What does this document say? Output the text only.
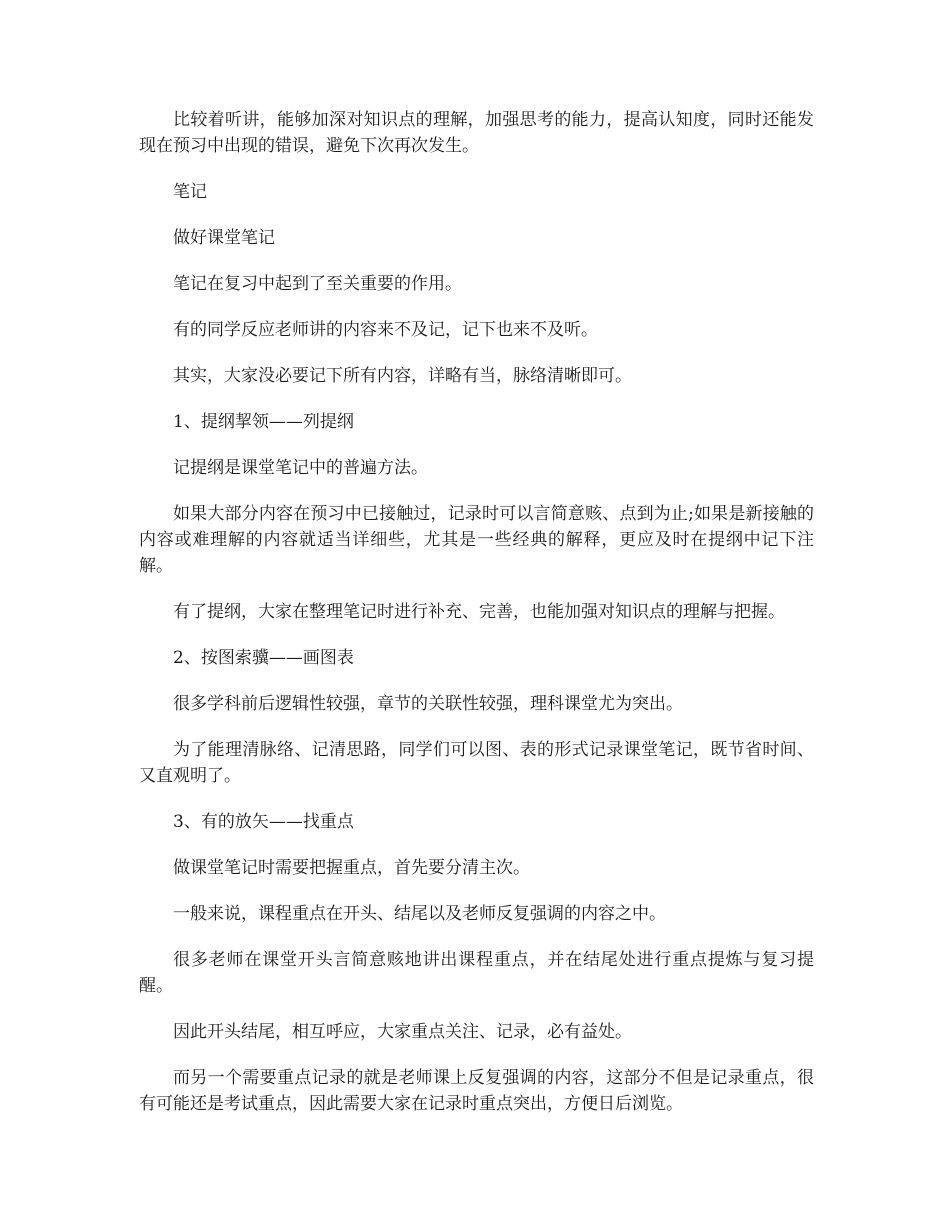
比较着听讲，能够加深对知识点的理解，加强思考的能力，提高认知度，同时还能发现在预习中出现的错误，避免下次再次发生。

笔记

做好课堂笔记

笔记在复习中起到了至关重要的作用。

有的同学反应老师讲的内容来不及记，记下也来不及听。

其实，大家没必要记下所有内容，详略有当，脉络清晰即可。

1、提纲挈领——列提纲

记提纲是课堂笔记中的普遍方法。

如果大部分内容在预习中已接触过，记录时可以言简意赅、点到为止;如果是新接触的内容或难理解的内容就适当详细些，尤其是一些经典的解释，更应及时在提纲中记下注解。

有了提纲，大家在整理笔记时进行补充、完善，也能加强对知识点的理解与把握。

2、按图索骥——画图表

很多学科前后逻辑性较强，章节的关联性较强，理科课堂尤为突出。

为了能理清脉络、记清思路，同学们可以图、表的形式记录课堂笔记，既节省时间、又直观明了。

3、有的放矢——找重点

做课堂笔记时需要把握重点，首先要分清主次。

一般来说，课程重点在开头、结尾以及老师反复强调的内容之中。

很多老师在课堂开头言简意赅地讲出课程重点，并在结尾处进行重点提炼与复习提醒。

因此开头结尾，相互呼应，大家重点关注、记录，必有益处。

而另一个需要重点记录的就是老师课上反复强调的内容，这部分不但是记录重点，很有可能还是考试重点，因此需要大家在记录时重点突出，方便日后浏览。
